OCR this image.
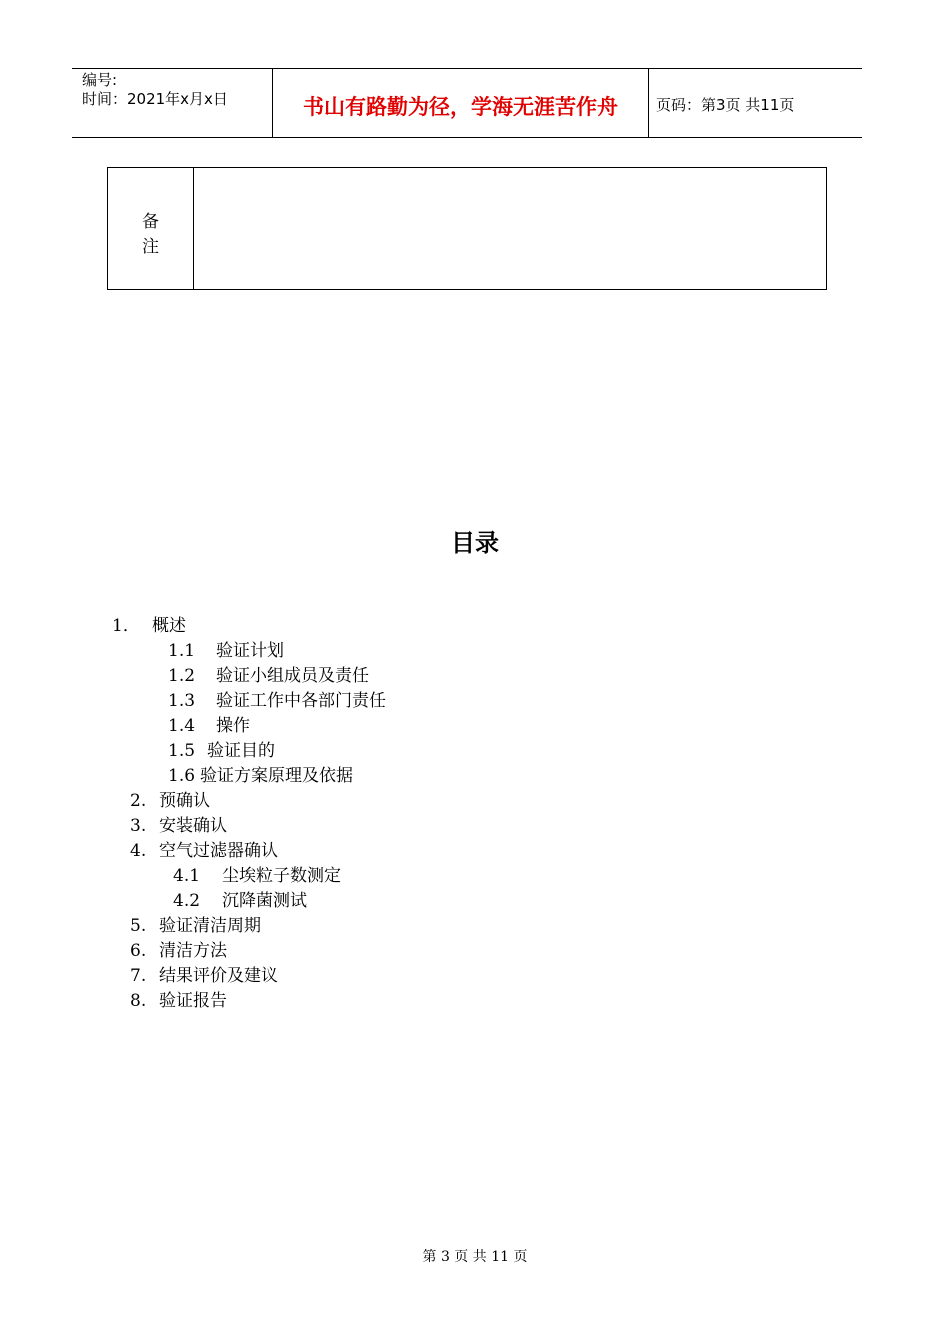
编号:
时间：2021年x月x日	书山有路勤为径，学海无涯苦作舟	页码：第3页 共11页
备
注
目录
1． 概述
1.1 验证计划
1.2 验证小组成员及责任
1.3 验证工作中各部门责任
1.4 操作
1.5 验证目的
1.6 验证方案原理及依据
2. 预确认
3. 安装确认
4. 空气过滤器确认
4.1 尘埃粒子数测定
4.2 沉降菌测试
5. 验证清洁周期
6. 清洁方法
7. 结果评价及建议
8. 验证报告
第 3 页 共 11 页
